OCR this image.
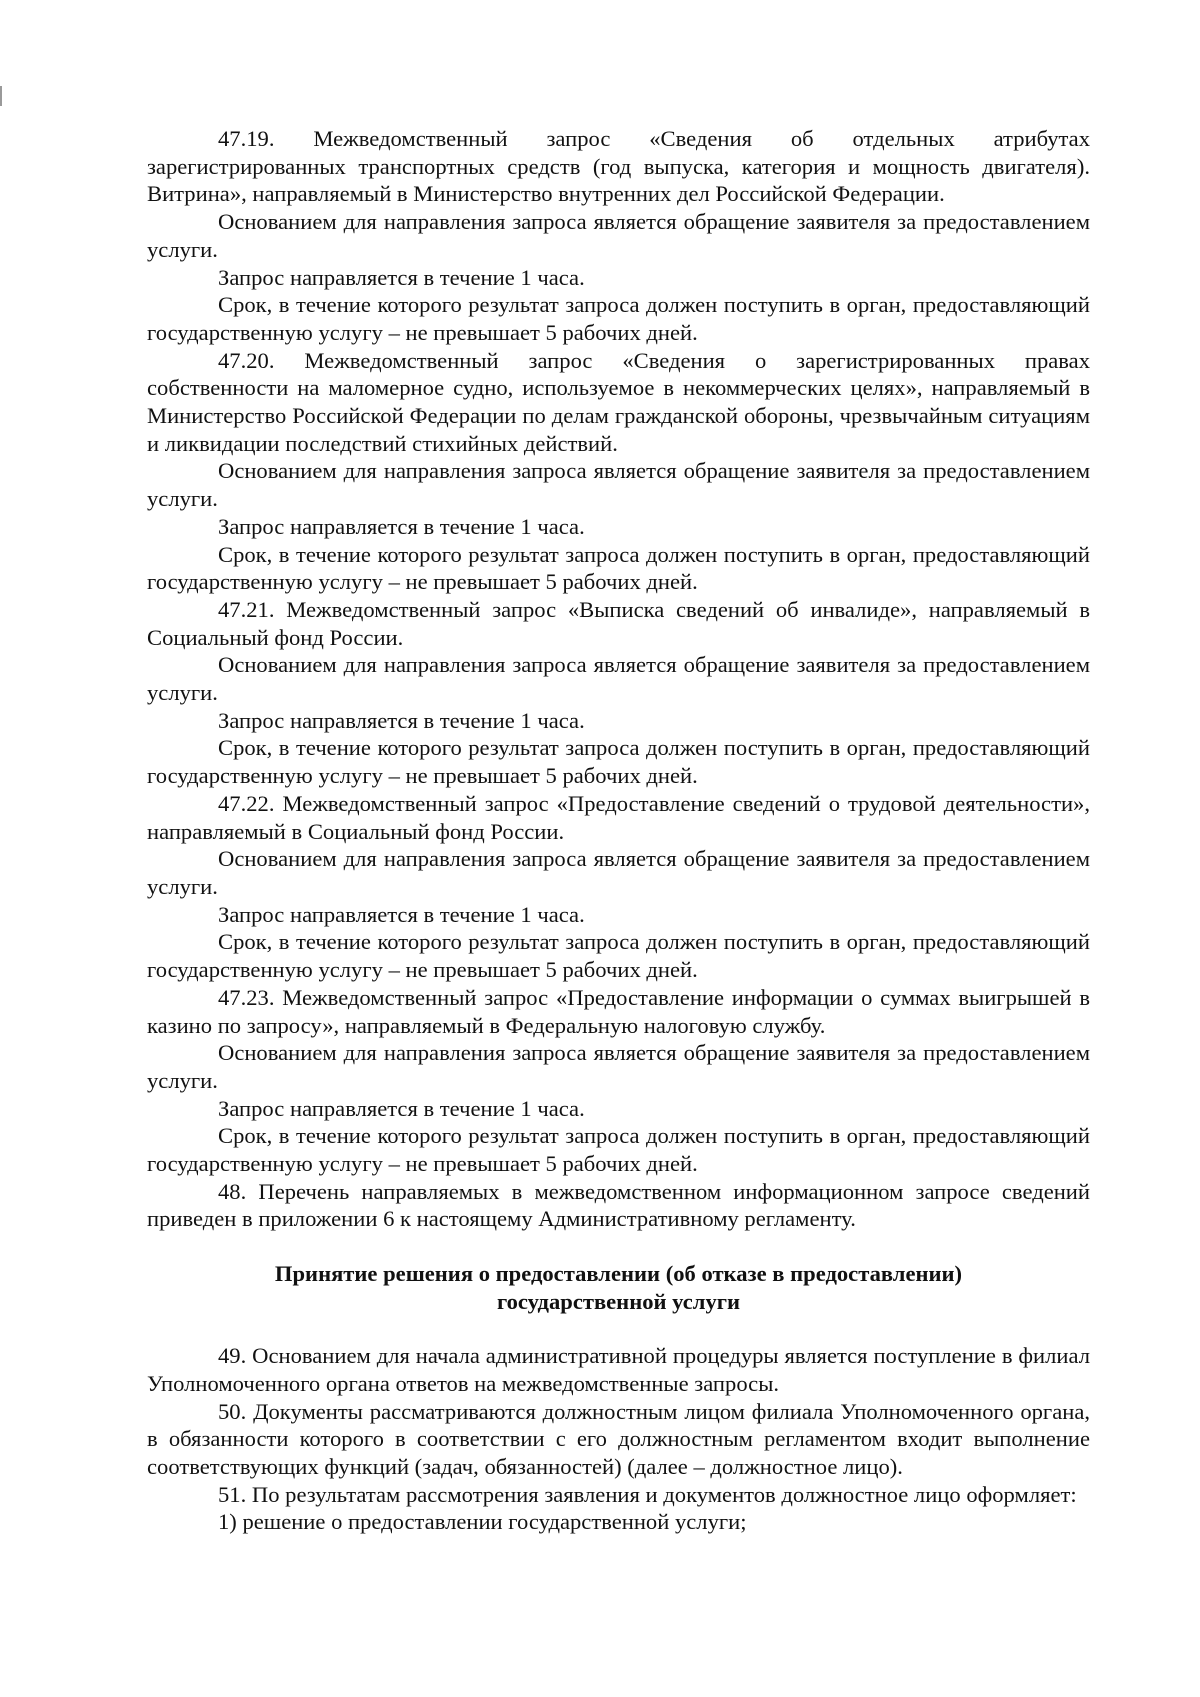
47.19. Межведомственный запрос «Сведения об отдельных атрибутах зарегистрированных транспортных средств (год выпуска, категория и мощность двигателя). Витрина», направляемый в Министерство внутренних дел Российской Федерации.

Основанием для направления запроса является обращение заявителя за предоставлением услуги.

Запрос направляется в течение 1 часа.

Срок, в течение которого результат запроса должен поступить в орган, предоставляющий государственную услугу – не превышает 5 рабочих дней.

47.20. Межведомственный запрос «Сведения о зарегистрированных правах собственности на маломерное судно, используемое в некоммерческих целях», направляемый в Министерство Российской Федерации по делам гражданской обороны, чрезвычайным ситуациям и ликвидации последствий стихийных действий.

Основанием для направления запроса является обращение заявителя за предоставлением услуги.

Запрос направляется в течение 1 часа.

Срок, в течение которого результат запроса должен поступить в орган, предоставляющий государственную услугу – не превышает 5 рабочих дней.

47.21. Межведомственный запрос «Выписка сведений об инвалиде», направляемый в Социальный фонд России.

Основанием для направления запроса является обращение заявителя за предоставлением услуги.

Запрос направляется в течение 1 часа.

Срок, в течение которого результат запроса должен поступить в орган, предоставляющий государственную услугу – не превышает 5 рабочих дней.

47.22. Межведомственный запрос «Предоставление сведений о трудовой деятельности», направляемый в Социальный фонд России.

Основанием для направления запроса является обращение заявителя за предоставлением услуги.

Запрос направляется в течение 1 часа.

Срок, в течение которого результат запроса должен поступить в орган, предоставляющий государственную услугу – не превышает 5 рабочих дней.

47.23. Межведомственный запрос «Предоставление информации о суммах выигрышей в казино по запросу», направляемый в Федеральную налоговую службу.

Основанием для направления запроса является обращение заявителя за предоставлением услуги.

Запрос направляется в течение 1 часа.

Срок, в течение которого результат запроса должен поступить в орган, предоставляющий государственную услугу – не превышает 5 рабочих дней.

48. Перечень направляемых в межведомственном информационном запросе сведений приведен в приложении 6 к настоящему Административному регламенту.

Принятие решения о предоставлении (об отказе в предоставлении)
государственной услуги

49. Основанием для начала административной процедуры является поступление в филиал Уполномоченного органа ответов на межведомственные запросы.

50. Документы рассматриваются должностным лицом филиала Уполномоченного органа, в обязанности которого в соответствии с его должностным регламентом входит выполнение соответствующих функций (задач, обязанностей) (далее – должностное лицо).

51. По результатам рассмотрения заявления и документов должностное лицо оформляет:

1) решение о предоставлении государственной услуги;
